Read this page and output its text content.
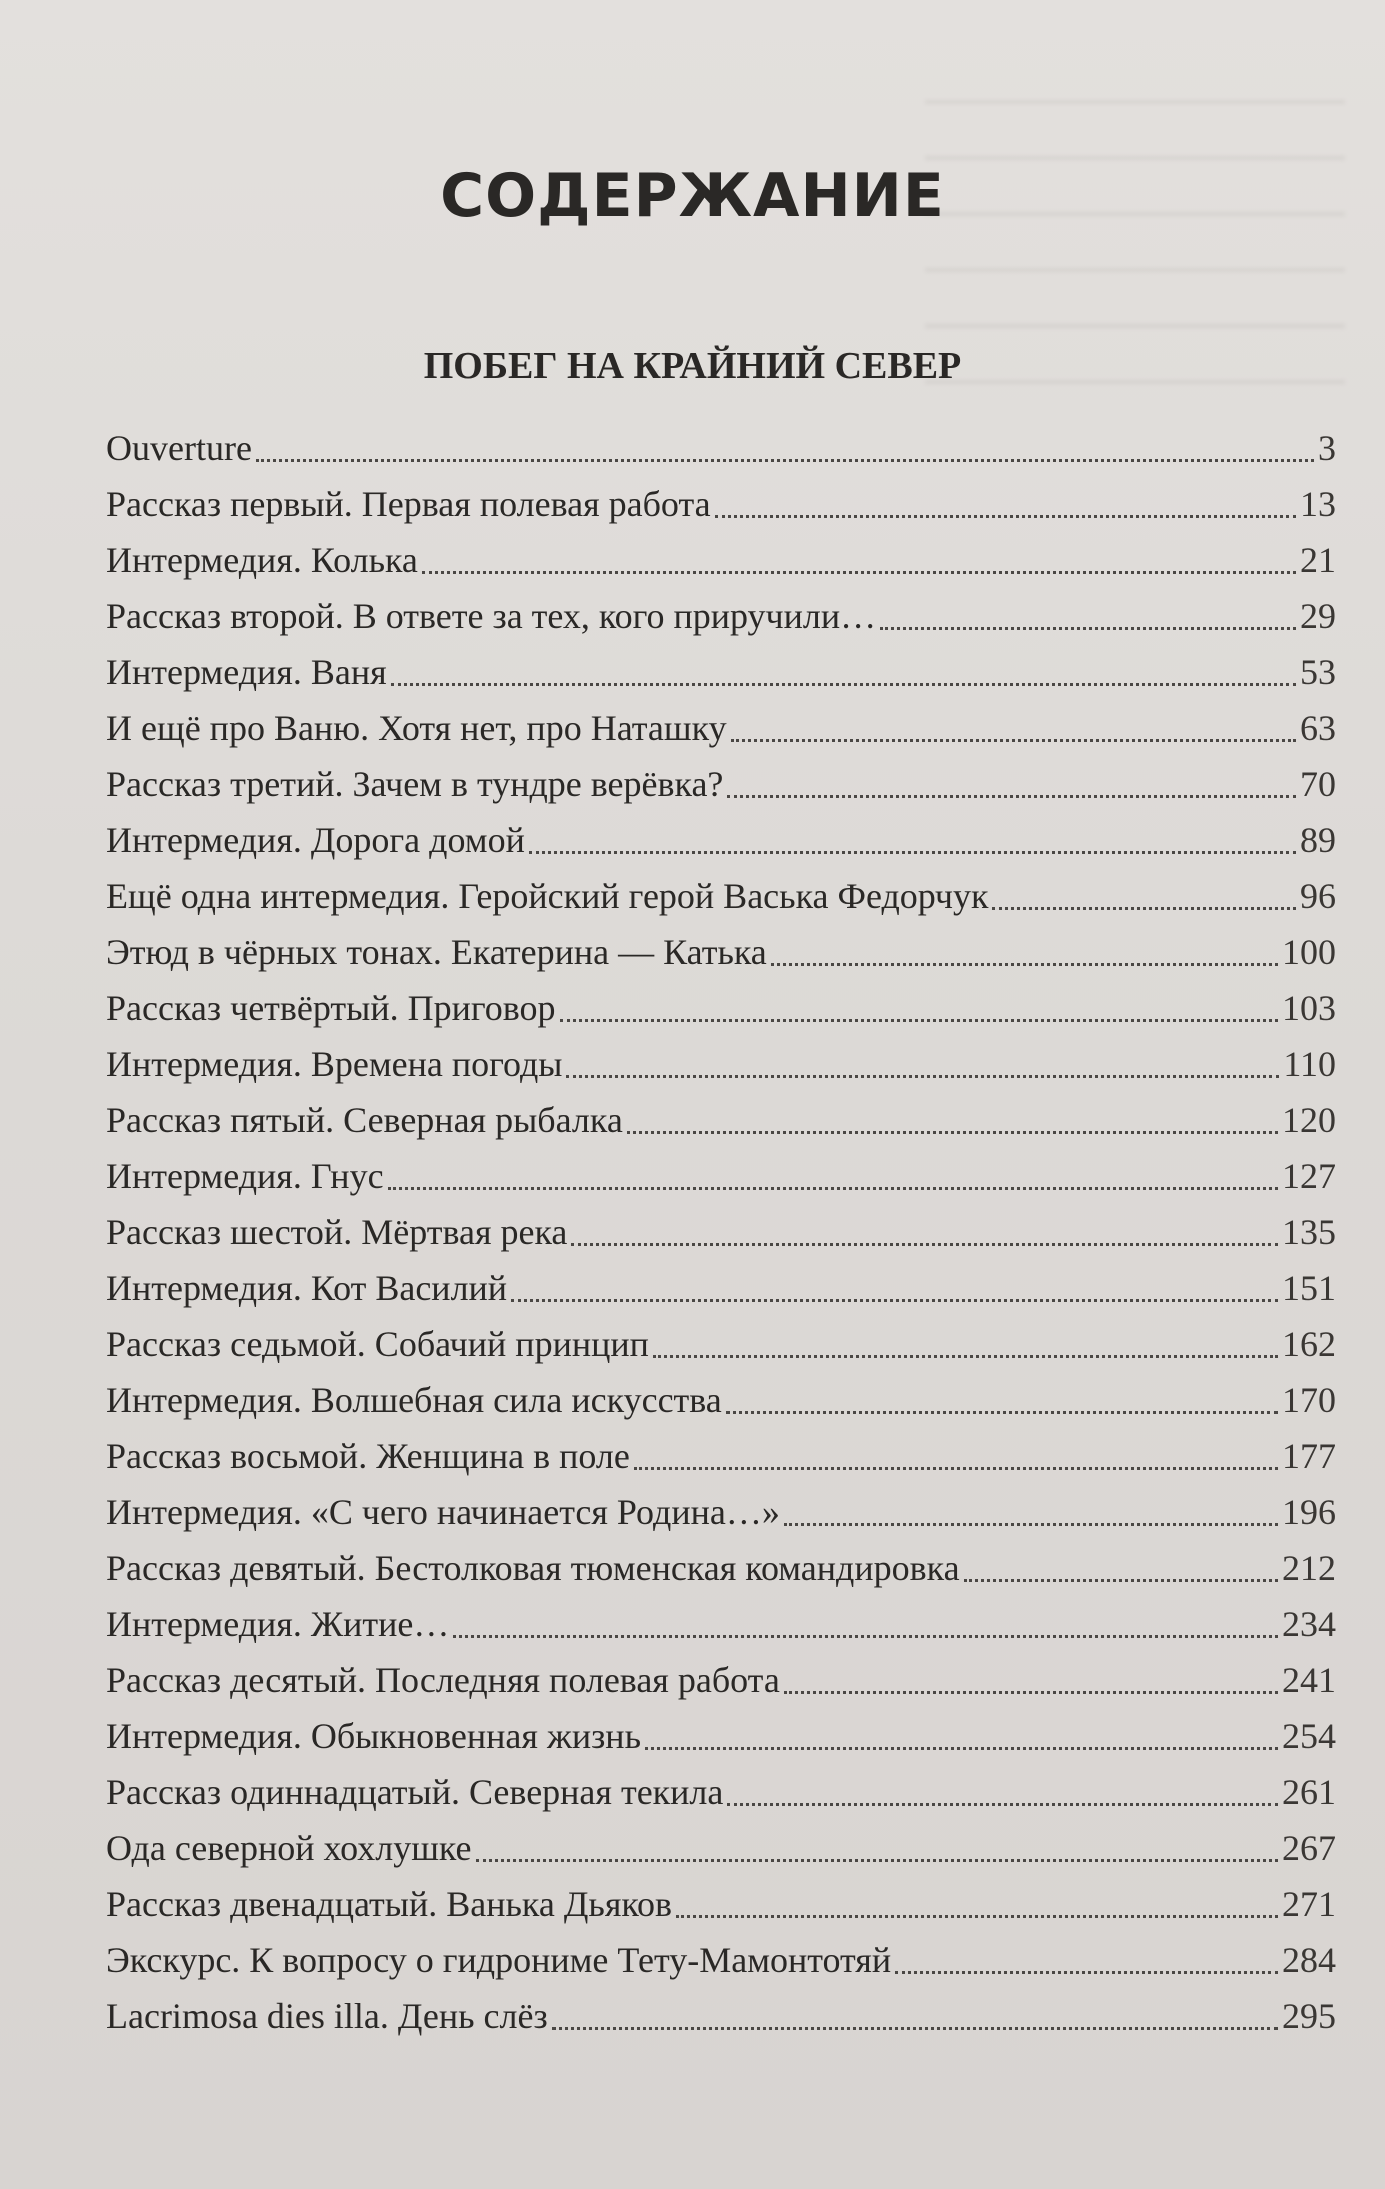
СОДЕРЖАНИЕ
ПОБЕГ НА КРАЙНИЙ СЕВЕР
Ouverture	3
Рассказ первый. Первая полевая работа	13
Интермедия. Колька	21
Рассказ второй. В ответе за тех, кого приручили…	29
Интермедия. Ваня	53
И ещё про Ваню. Хотя нет, про Наташку	63
Рассказ третий. Зачем в тундре верёвка?	70
Интермедия. Дорога домой	89
Ещё одна интермедия. Геройский герой Васька Федорчук	96
Этюд в чёрных тонах. Екатерина — Катька	100
Рассказ четвёртый. Приговор	103
Интермедия. Времена погоды	110
Рассказ пятый. Северная рыбалка	120
Интермедия. Гнус	127
Рассказ шестой. Мёртвая река	135
Интермедия. Кот Василий	151
Рассказ седьмой. Собачий принцип	162
Интермедия. Волшебная сила искусства	170
Рассказ восьмой. Женщина в поле	177
Интермедия. «С чего начинается Родина…»	196
Рассказ девятый. Бестолковая тюменская командировка	212
Интермедия. Житие…	234
Рассказ десятый. Последняя полевая работа	241
Интермедия. Обыкновенная жизнь	254
Рассказ одиннадцатый. Северная текила	261
Ода северной хохлушке	267
Рассказ двенадцатый. Ванька Дьяков	271
Экскурс. К вопросу о гидрониме Тету-Мамонтотяй	284
Lacrimosa dies illa. День слёз	295
